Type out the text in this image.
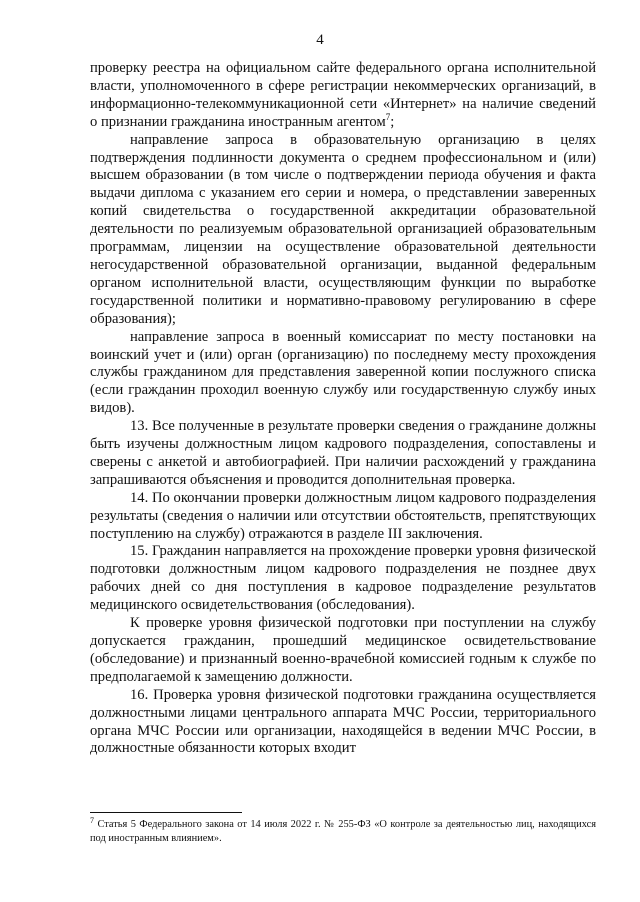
4

проверку реестра на официальном сайте федерального органа исполнительной власти, уполномоченного в сфере регистрации некоммерческих организаций, в информационно-телекоммуникационной сети «Интернет» на наличие сведений о признании гражданина иностранным агентом$^7$;

направление запроса в образовательную организацию в целях подтверждения подлинности документа о среднем профессиональном и (или) высшем образовании (в том числе о подтверждении периода обучения и факта выдачи диплома с указанием его серии и номера, о представлении заверенных копий свидетельства о государственной аккредитации образовательной деятельности по реализуемым образовательной организацией образовательным программам, лицензии на осуществление образовательной деятельности негосударственной образовательной организации, выданной федеральным органом исполнительной власти, осуществляющим функции по выработке государственной политики и нормативно-правовому регулированию в сфере образования);

направление запроса в военный комиссариат по месту постановки на воинский учет и (или) орган (организацию) по последнему месту прохождения службы гражданином для представления заверенной копии послужного списка (если гражданин проходил военную службу или государственную службу иных видов).

13. Все полученные в результате проверки сведения о гражданине должны быть изучены должностным лицом кадрового подразделения, сопоставлены и сверены с анкетой и автобиографией. При наличии расхождений у гражданина запрашиваются объяснения и проводится дополнительная проверка.

14. По окончании проверки должностным лицом кадрового подразделения результаты (сведения о наличии или отсутствии обстоятельств, препятствующих поступлению на службу) отражаются в разделе III заключения.

15. Гражданин направляется на прохождение проверки уровня физической подготовки должностным лицом кадрового подразделения не позднее двух рабочих дней со дня поступления в кадровое подразделение результатов медицинского освидетельствования (обследования).

К проверке уровня физической подготовки при поступлении на службу допускается гражданин, прошедший медицинское освидетельствование (обследование) и признанный военно-врачебной комиссией годным к службе по предполагаемой к замещению должности.

16. Проверка уровня физической подготовки гражданина осуществляется должностными лицами центрального аппарата МЧС России, территориального органа МЧС России или организации, находящейся в ведении МЧС России, в должностные обязанности которых входит

$^7$ Статья 5 Федерального закона от 14 июля 2022 г. № 255-ФЗ «О контроле за деятельностью лиц, находящихся под иностранным влиянием».
